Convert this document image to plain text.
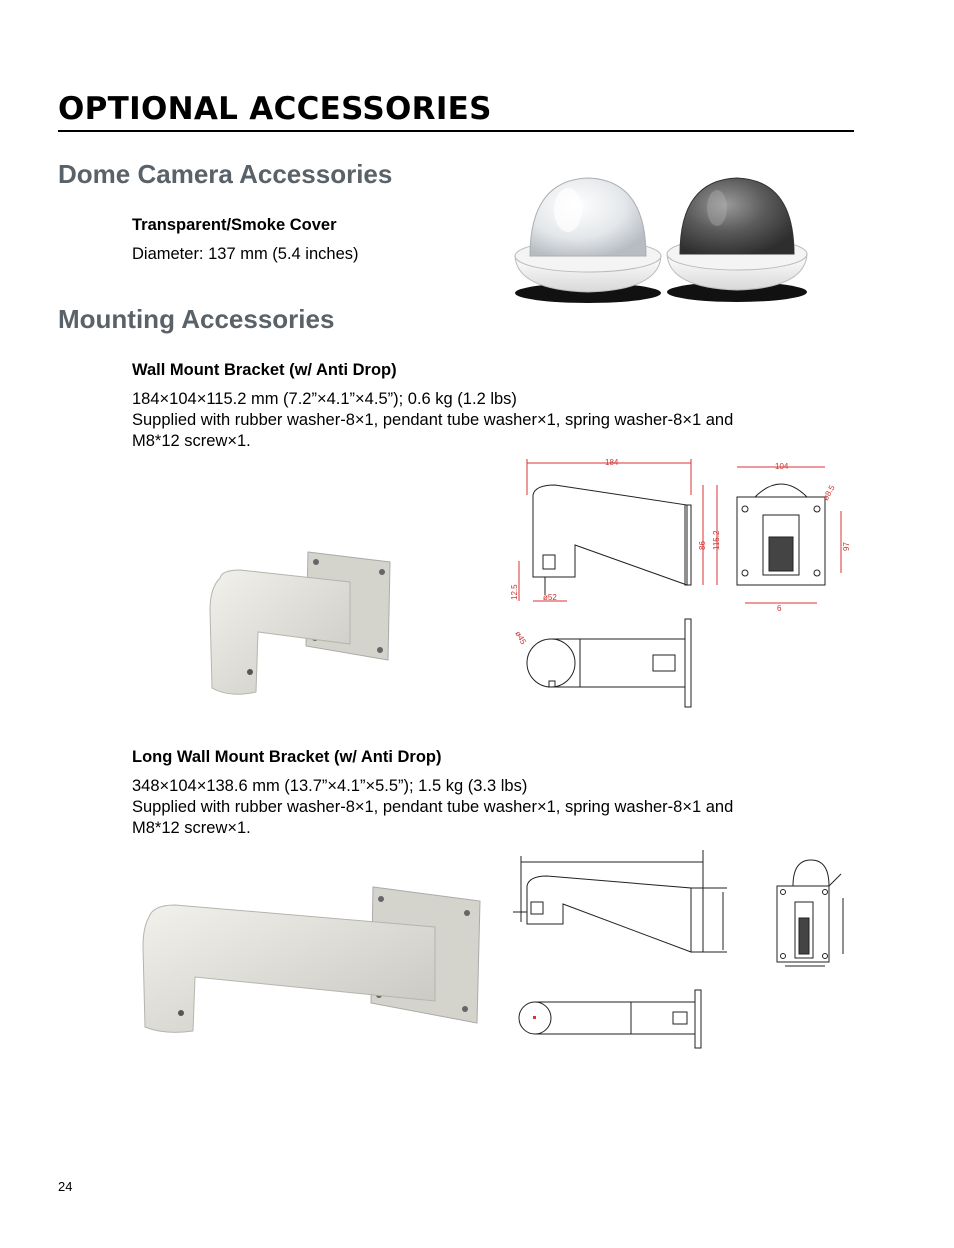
OPTIONAL ACCESSORIES
Dome Camera Accessories

Transparent/Smoke Cover

Diameter: 137 mm (5.4 inches)

Mounting Accessories

Wall Mount Bracket (w/ Anti Drop)

184×104×115.2 mm (7.2”×4.1”×4.5”); 0.6 kg (1.2 lbs)

Supplied with rubber washer-8×1, pendant tube washer×1, spring washer-8×1 and

M8*12 screw×1.

184
86 115.2
12.5	ø52
104
ø8.5
97
6
ø45

Long Wall Mount Bracket (w/ Anti Drop)

348×104×138.6 mm (13.7”×4.1”×5.5”); 1.5 kg (3.3 lbs)

Supplied with rubber washer-8×1, pendant tube washer×1, spring washer-8×1 and

M8*12 screw×1.

24
